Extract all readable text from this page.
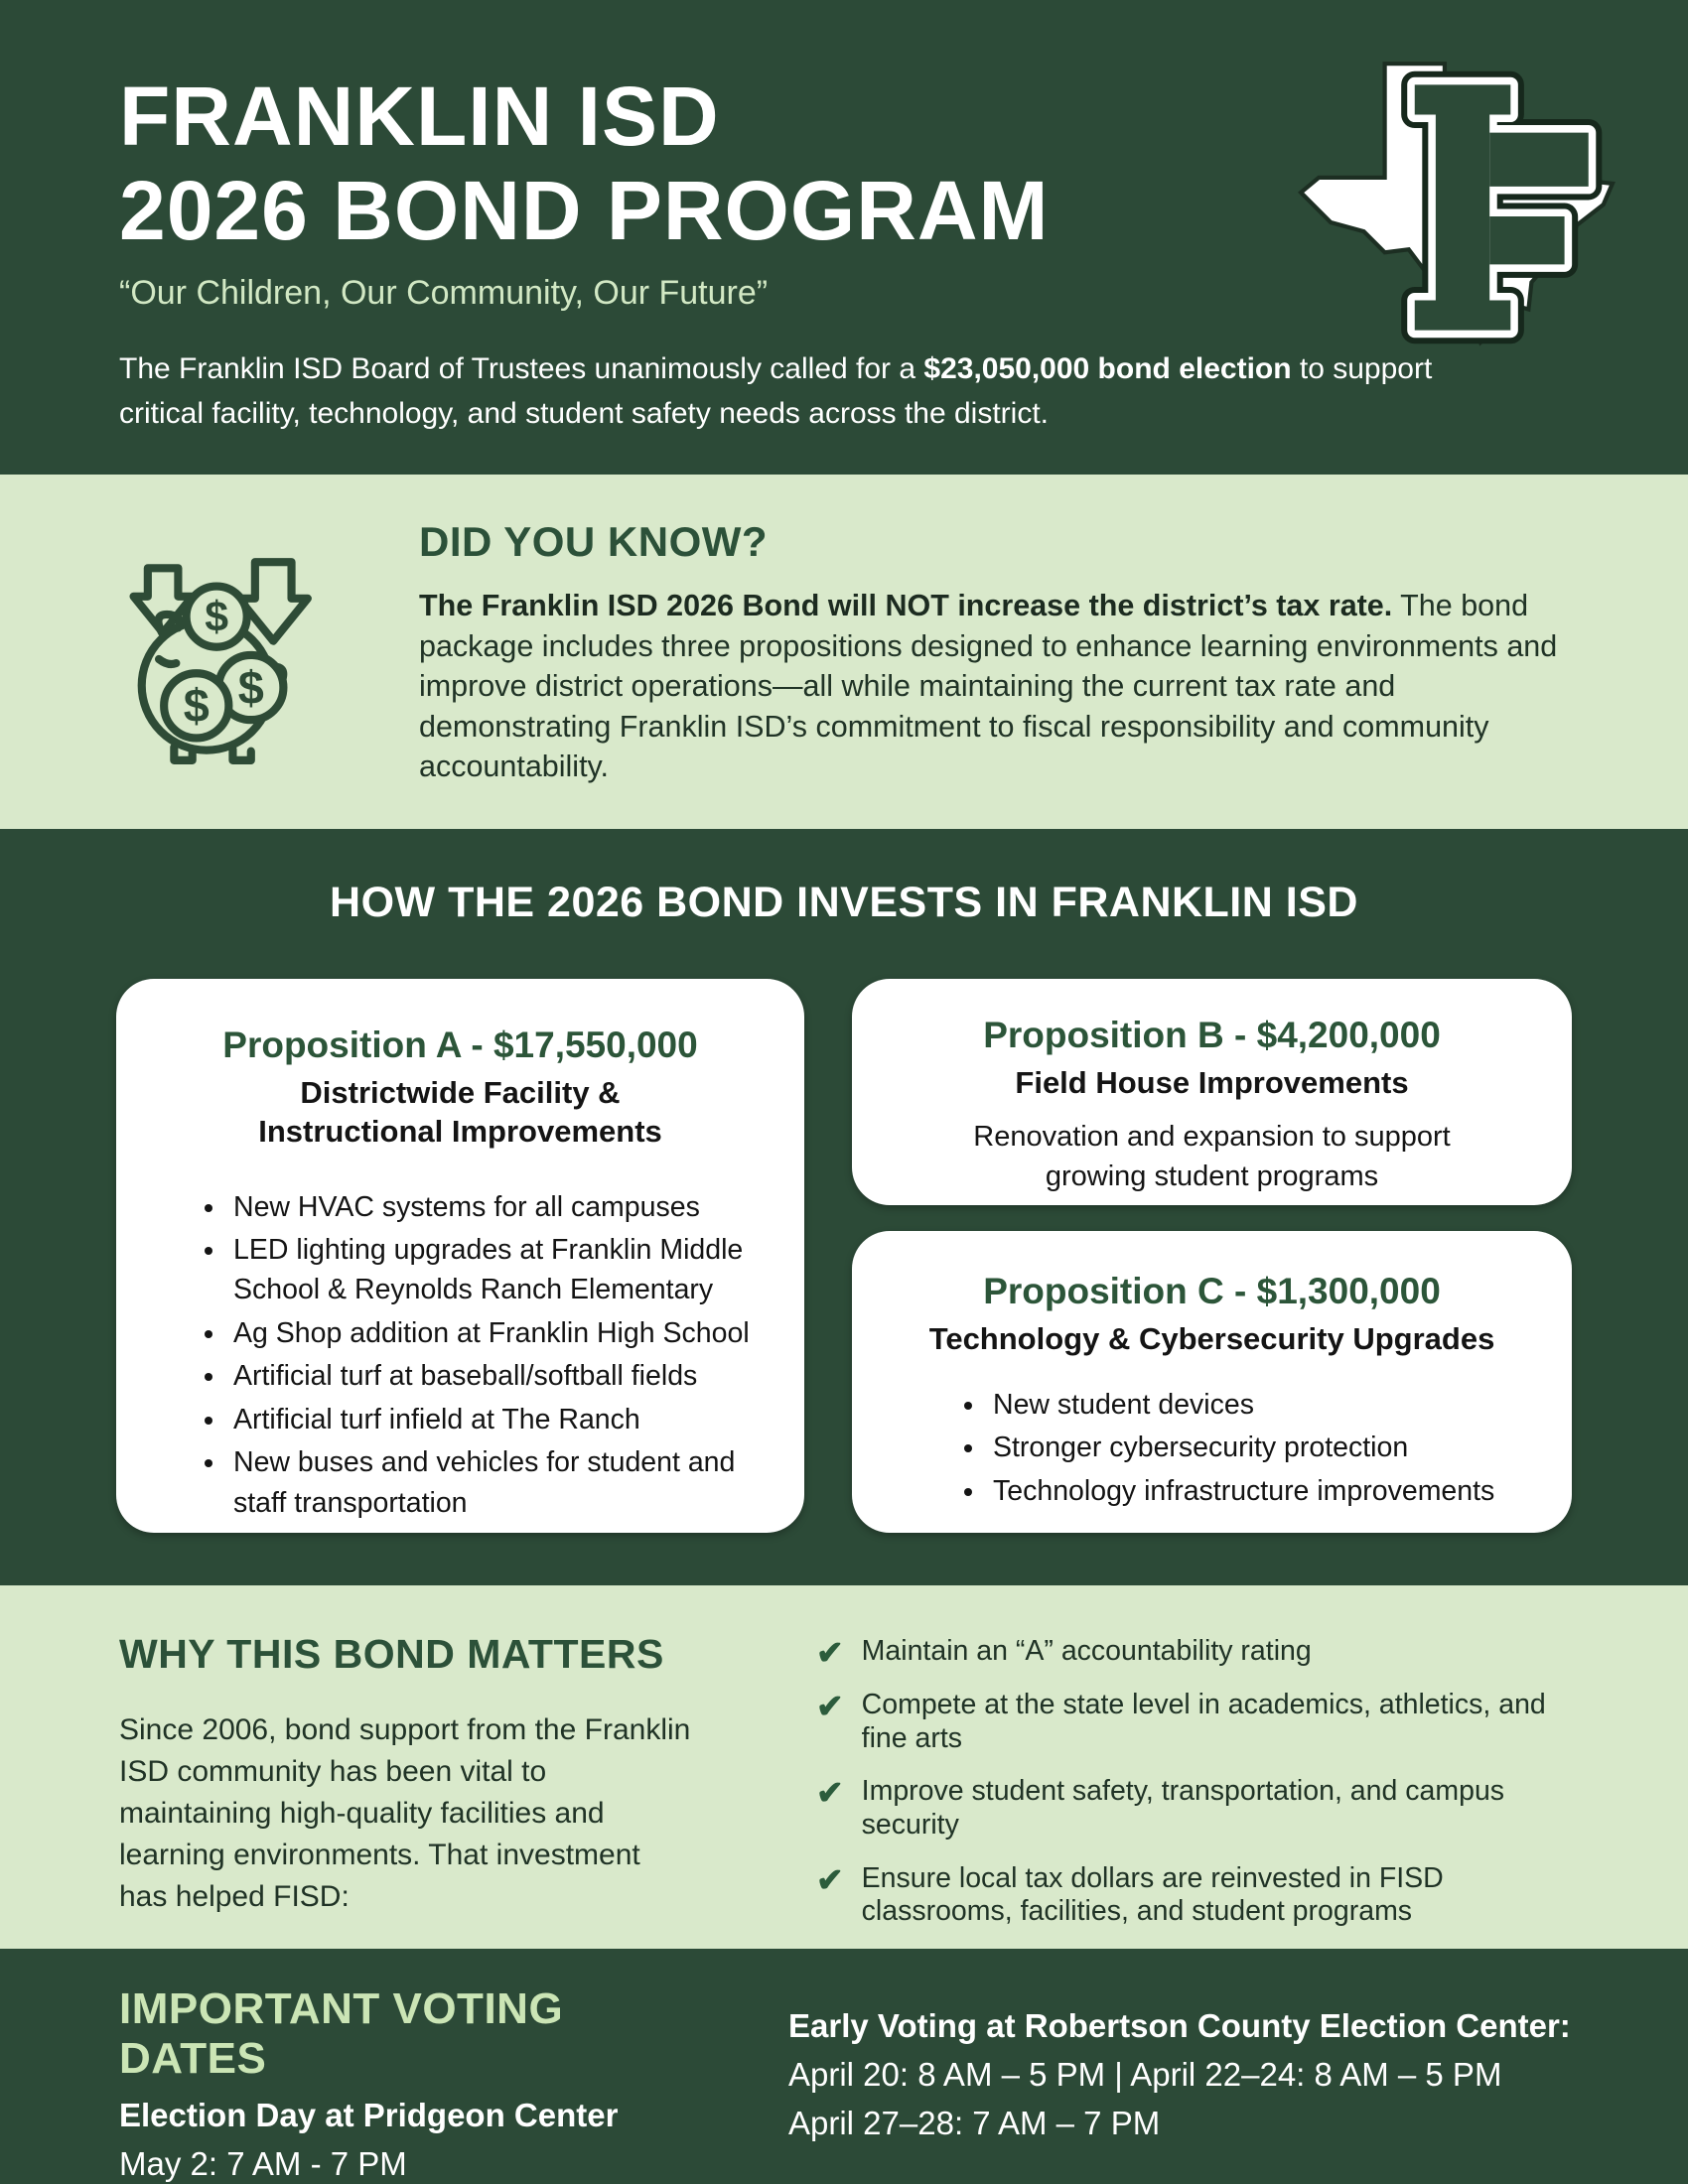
FRANKLIN ISD
2026 BOND PROGRAM
“Our Children, Our Community, Our Future”

The Franklin ISD Board of Trustees unanimously called for a $23,050,000 bond election to support critical facility, technology, and student safety needs across the district.

$
$
$
DID YOU KNOW?

The Franklin ISD 2026 Bond will NOT increase the district’s tax rate. The bond package includes three propositions designed to enhance learning environments and improve district operations—all while maintaining the current tax rate and demonstrating Franklin ISD’s commitment to fiscal responsibility and community accountability.

HOW THE 2026 BOND INVESTS IN FRANKLIN ISD
Proposition A - $17,550,000
Districtwide Facility & Instructional Improvements
• New HVAC systems for all campuses
• LED lighting upgrades at Franklin Middle School & Reynolds Ranch Elementary
• Ag Shop addition at Franklin High School
• Artificial turf at baseball/softball fields
• Artificial turf infield at The Ranch
• New buses and vehicles for student and staff transportation
Proposition B - $4,200,000
Field House Improvements

Renovation and expansion to support growing student programs

Proposition C - $1,300,000
Technology & Cybersecurity Upgrades
• New student devices
• Stronger cybersecurity protection
• Technology infrastructure improvements
WHY THIS BOND MATTERS

Since 2006, bond support from the Franklin ISD community has been vital to maintaining high-quality facilities and learning environments. That investment has helped FISD:

✔ Maintain an “A” accountability rating
✔ Compete at the state level in academics, athletics, and fine arts
✔ Improve student safety, transportation, and campus security
✔ Ensure local tax dollars are reinvested in FISD classrooms, facilities, and student programs
IMPORTANT VOTING DATES

Election Day at Pridgeon Center

May 2: 7 AM - 7 PM

Early Voting at Robertson County Election Center:

April 20: 8 AM – 5 PM | April 22–24: 8 AM – 5 PM

April 27–28: 7 AM – 7 PM
